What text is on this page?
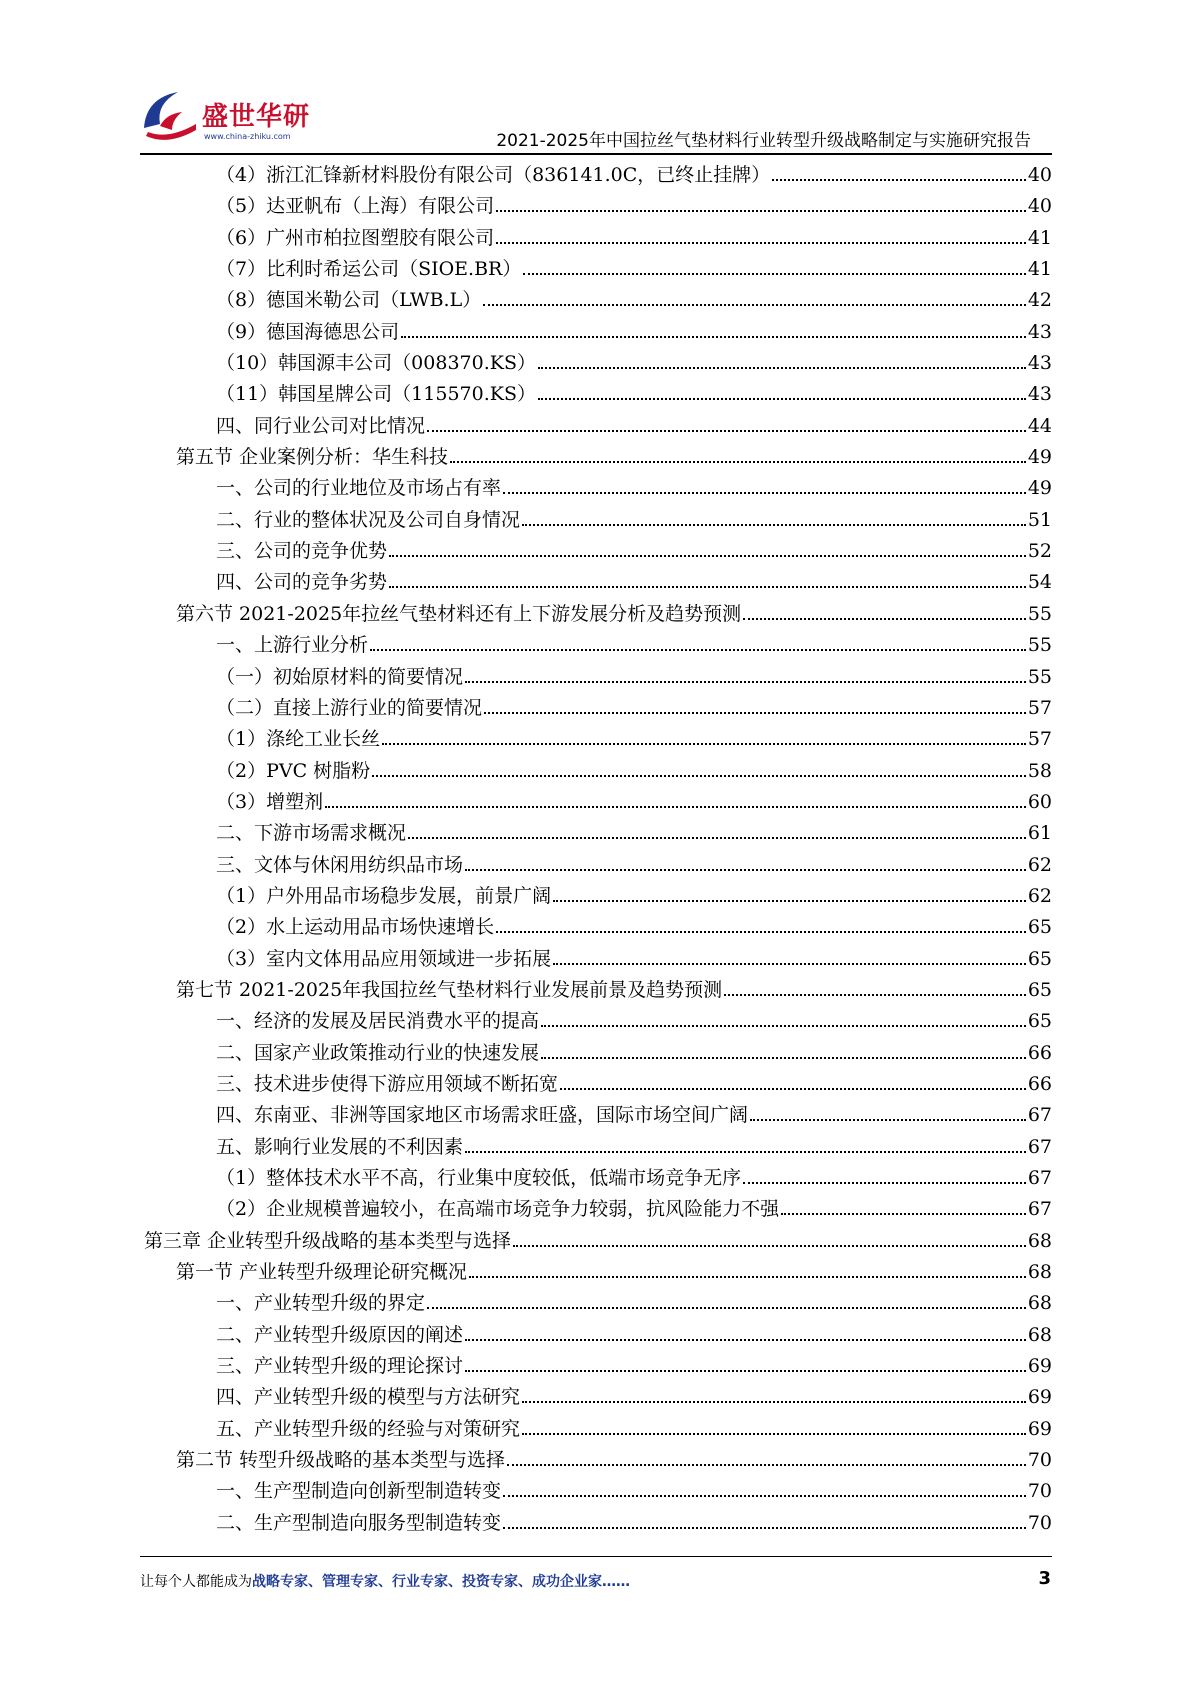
盛世华研
www.china-zhiku.com	2021-2025年中国拉丝气垫材料行业转型升级战略制定与实施研究报告
（4）浙江汇锋新材料股份有限公司（836141.0C，已终止挂牌）	40
（5）达亚帆布（上海）有限公司	40
（6）广州市柏拉图塑胶有限公司	41
（7）比利时希运公司（SIOE.BR）	41
（8）德国米勒公司（LWB.L）	42
（9）德国海德思公司	43
（10）韩国源丰公司（008370.KS）	43
（11）韩国星牌公司（115570.KS）	43
四、同行业公司对比情况	44
第五节 企业案例分析：华生科技	49
一、公司的行业地位及市场占有率	49
二、行业的整体状况及公司自身情况	51
三、公司的竞争优势	52
四、公司的竞争劣势	54
第六节 2021-2025年拉丝气垫材料还有上下游发展分析及趋势预测	55
一、上游行业分析	55
（一）初始原材料的简要情况	55
（二）直接上游行业的简要情况	57
（1）涤纶工业长丝	57
（2）PVC 树脂粉	58
（3）增塑剂	60
二、下游市场需求概况	61
三、文体与休闲用纺织品市场	62
（1）户外用品市场稳步发展，前景广阔	62
（2）水上运动用品市场快速增长	65
（3）室内文体用品应用领域进一步拓展	65
第七节 2021-2025年我国拉丝气垫材料行业发展前景及趋势预测	65
一、经济的发展及居民消费水平的提高	65
二、国家产业政策推动行业的快速发展	66
三、技术进步使得下游应用领域不断拓宽	66
四、东南亚、非洲等国家地区市场需求旺盛，国际市场空间广阔	67
五、影响行业发展的不利因素	67
（1）整体技术水平不高，行业集中度较低，低端市场竞争无序	67
（2）企业规模普遍较小，在高端市场竞争力较弱，抗风险能力不强	67
第三章 企业转型升级战略的基本类型与选择	68
第一节 产业转型升级理论研究概况	68
一、产业转型升级的界定	68
二、产业转型升级原因的阐述	68
三、产业转型升级的理论探讨	69
四、产业转型升级的模型与方法研究	69
五、产业转型升级的经验与对策研究	69
第二节 转型升级战略的基本类型与选择	70
一、生产型制造向创新型制造转变	70
二、生产型制造向服务型制造转变	70
让每个人都能成为战略专家、管理专家、行业专家、投资专家、成功企业家……	3
